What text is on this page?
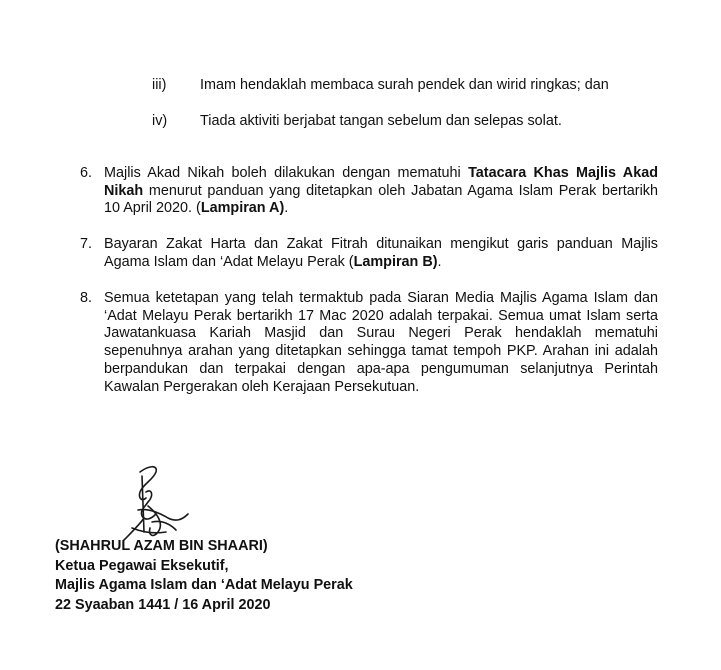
iii)	Imam hendaklah membaca surah pendek dan wirid ringkas; dan
iv)	Tiada aktiviti berjabat tangan sebelum dan selepas solat.
6. Majlis Akad Nikah boleh dilakukan dengan mematuhi Tatacara Khas Majlis Akad Nikah menurut panduan yang ditetapkan oleh Jabatan Agama Islam Perak bertarikh 10 April 2020. (Lampiran A).
7. Bayaran Zakat Harta dan Zakat Fitrah ditunaikan mengikut garis panduan Majlis Agama Islam dan ‘Adat Melayu Perak (Lampiran B).
8. Semua ketetapan yang telah termaktub pada Siaran Media Majlis Agama Islam dan ‘Adat Melayu Perak bertarikh 17 Mac 2020 adalah terpakai. Semua umat Islam serta Jawatankuasa Kariah Masjid dan Surau Negeri Perak hendaklah mematuhi sepenuhnya arahan yang ditetapkan sehingga tamat tempoh PKP. Arahan ini adalah berpandukan dan terpakai dengan apa-apa pengumuman selanjutnya Perintah Kawalan Pergerakan oleh Kerajaan Persekutuan.
(SHAHRUL AZAM BIN SHAARI)
Ketua Pegawai Eksekutif,
Majlis Agama Islam dan ‘Adat Melayu Perak
22 Syaaban 1441 / 16 April 2020
